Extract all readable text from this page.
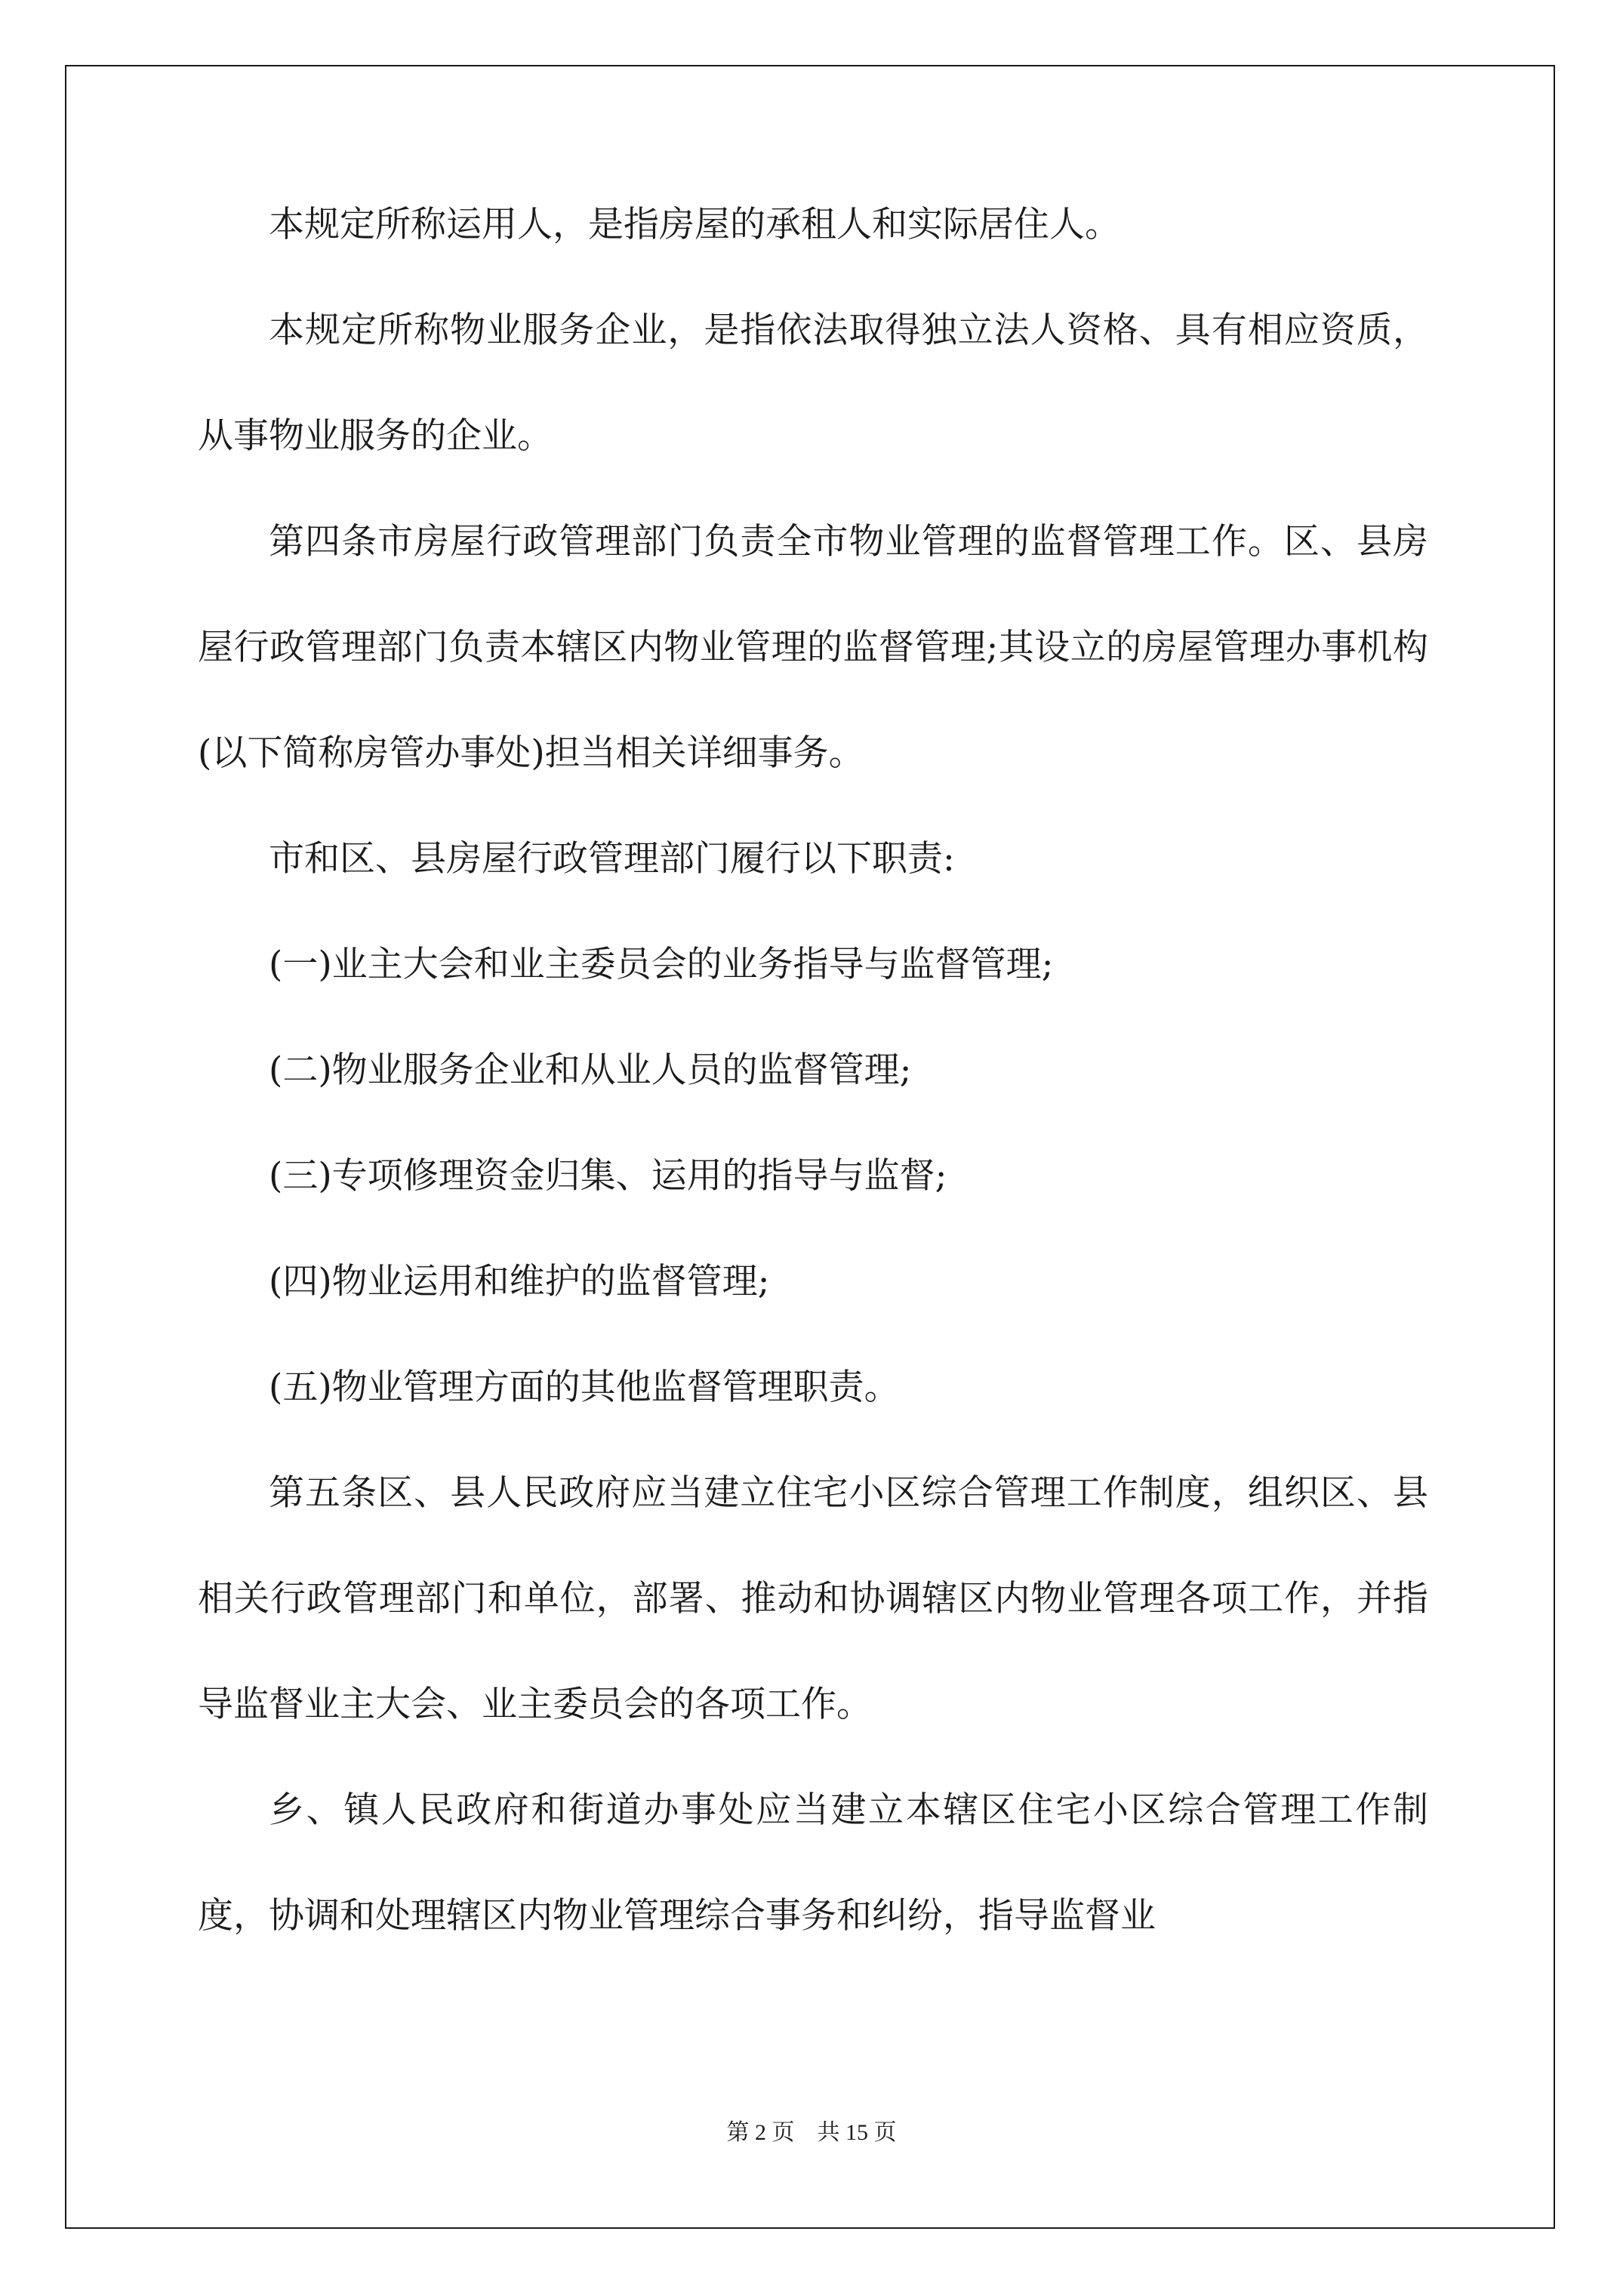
本规定所称运用人，是指房屋的承租人和实际居住人。

本规定所称物业服务企业，是指依法取得独立法人资格、具有相应资质，从事物业服务的企业。

第四条市房屋行政管理部门负责全市物业管理的监督管理工作。区、县房屋行政管理部门负责本辖区内物业管理的监督管理;其设立的房屋管理办事机构(以下简称房管办事处)担当相关详细事务。

市和区、县房屋行政管理部门履行以下职责:

(一)业主大会和业主委员会的业务指导与监督管理;

(二)物业服务企业和从业人员的监督管理;

(三)专项修理资金归集、运用的指导与监督;

(四)物业运用和维护的监督管理;

(五)物业管理方面的其他监督管理职责。

第五条区、县人民政府应当建立住宅小区综合管理工作制度，组织区、县相关行政管理部门和单位，部署、推动和协调辖区内物业管理各项工作，并指导监督业主大会、业主委员会的各项工作。

乡、镇人民政府和街道办事处应当建立本辖区住宅小区综合管理工作制度，协调和处理辖区内物业管理综合事务和纠纷，指导监督业

第 2 页　共 15 页
